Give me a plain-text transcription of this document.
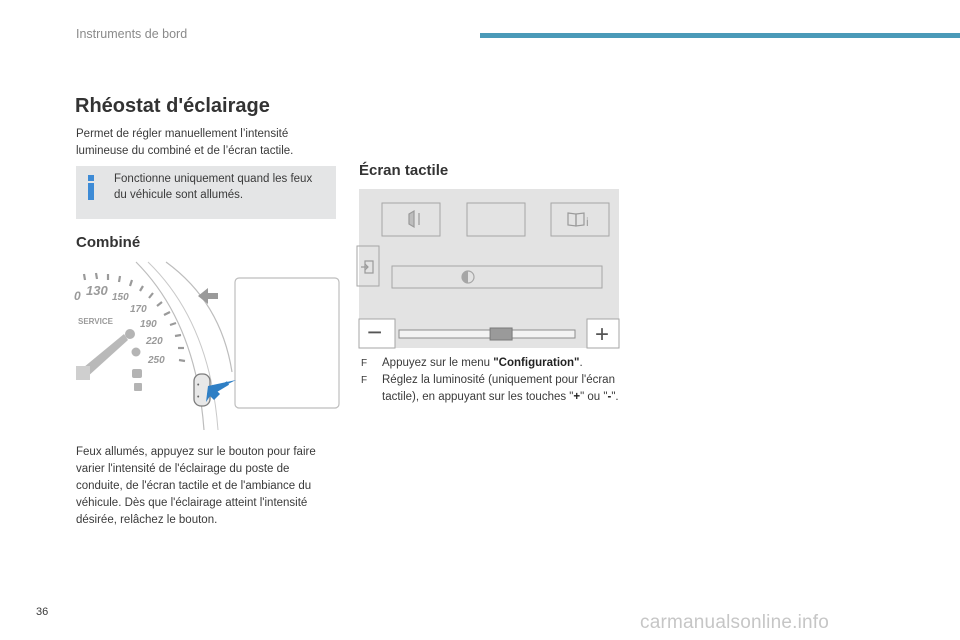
Instruments de bord
Rhéostat d'éclairage
Permet de régler manuellement l’intensité lumineuse du combiné et de l’écran tactile.
Fonctionne uniquement quand les feux du véhicule sont allumés.
Combiné
0 130 150
170
190
220
250
SERVICE
•
•
Feux allumés, appuyez sur le bouton pour faire varier l'intensité de l'éclairage du poste de conduite, de l'écran tactile et de l'ambiance du véhicule. Dès que l'éclairage atteint l'intensité désirée, relâchez le bouton.
Écran tactile
i
−	+
F Appuyez sur le menu "Configuration".
F Réglez la luminosité (uniquement pour l'écran tactile), en appuyant sur les touches "+" ou "-".
36	carmanualsonline.info
